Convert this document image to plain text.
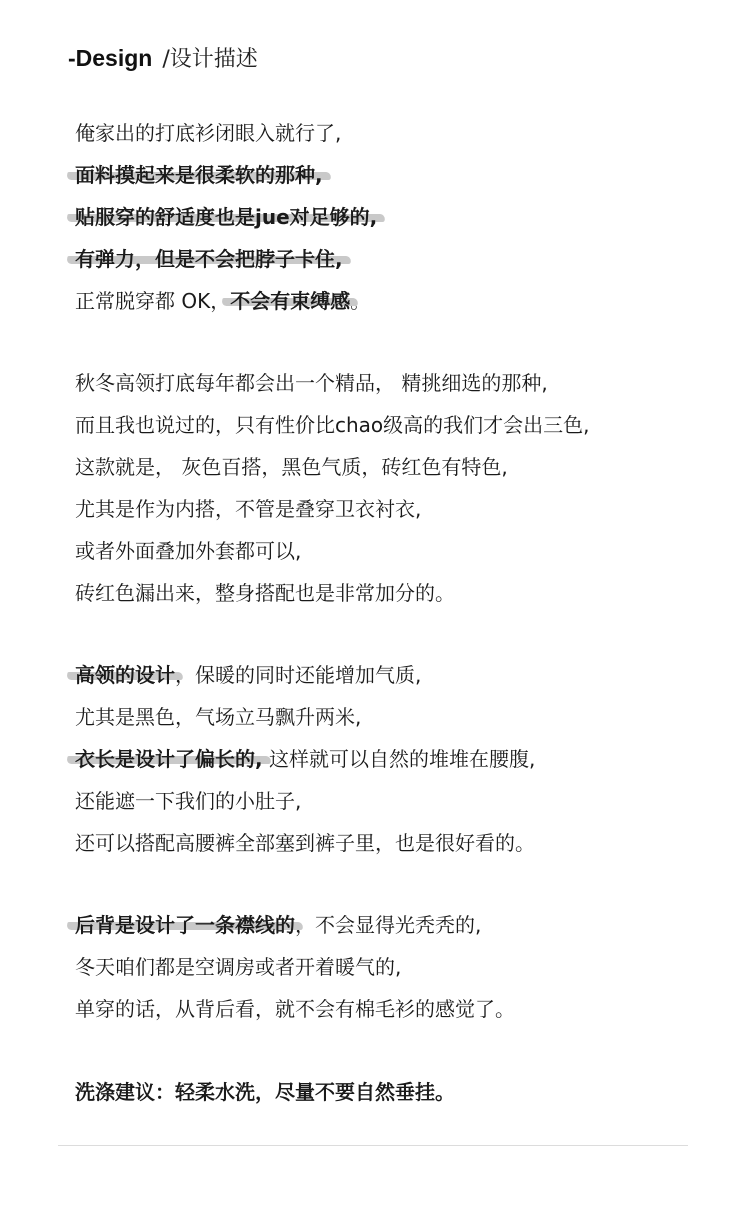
-Design /设计描述
俺家出的打底衫闭眼入就行了,
面料摸起来是很柔软的那种,
贴服穿的舒适度也是jue对足够的,
有弹力，但是不会把脖子卡住,
正常脱穿都 OK，不会有束缚感。
秋冬高领打底每年都会出一个精品， 精挑细选的那种,
而且我也说过的，只有性价比chao级高的我们才会出三色,
这款就是， 灰色百搭，黑色气质，砖红色有特色,
尤其是作为内搭，不管是叠穿卫衣衬衣,
或者外面叠加外套都可以,
砖红色漏出来，整身搭配也是非常加分的。
高领的设计，保暖的同时还能增加气质,
尤其是黑色，气场立马飘升两米,
衣长是设计了偏长的, 这样就可以自然的堆堆在腰腹,
还能遮一下我们的小肚子,
还可以搭配高腰裤全部塞到裤子里，也是很好看的。
后背是设计了一条襟线的，不会显得光秃秃的,
冬天咱们都是空调房或者开着暖气的,
单穿的话，从背后看，就不会有棉毛衫的感觉了。
洗涤建议：轻柔水洗，尽量不要自然垂挂。
